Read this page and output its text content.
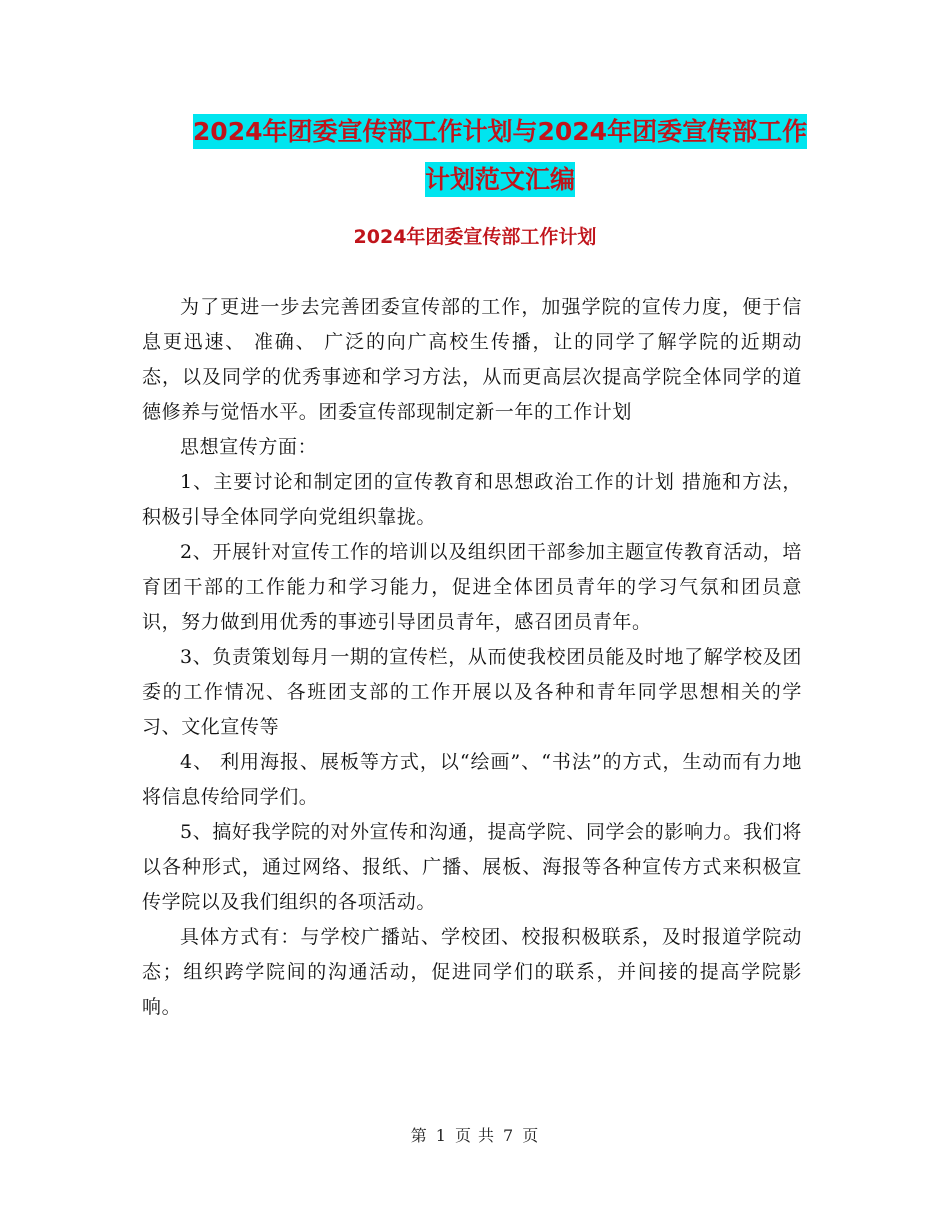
2024年团委宣传部工作计划与2024年团委宣传部工作
计划范文汇编
2024年团委宣传部工作计划

为了更进一步去完善团委宣传部的工作，加强学院的宣传力度，便于信息更迅速、 准确、 广泛的向广高校生传播，让的同学了解学院的近期动态，以及同学的优秀事迹和学习方法，从而更高层次提高学院全体同学的道德修养与觉悟水平。团委宣传部现制定新一年的工作计划

思想宣传方面：

1、主要讨论和制定团的宣传教育和思想政治工作的计划 措施和方法，积极引导全体同学向党组织靠拢。

2、开展针对宣传工作的培训以及组织团干部参加主题宣传教育活动，培育团干部的工作能力和学习能力，促进全体团员青年的学习气氛和团员意识，努力做到用优秀的事迹引导团员青年，感召团员青年。

3、负责策划每月一期的宣传栏，从而使我校团员能及时地了解学校及团委的工作情况、各班团支部的工作开展以及各种和青年同学思想相关的学习、文化宣传等

4、 利用海报、展板等方式，以“绘画”、“书法”的方式，生动而有力地将信息传给同学们。

5、搞好我学院的对外宣传和沟通，提高学院、同学会的影响力。我们将以各种形式，通过网络、报纸、广播、展板、海报等各种宣传方式来积极宣传学院以及我们组织的各项活动。

具体方式有：与学校广播站、学校团、校报积极联系，及时报道学院动态；组织跨学院间的沟通活动，促进同学们的联系，并间接的提高学院影响。

第 1 页 共 7 页
